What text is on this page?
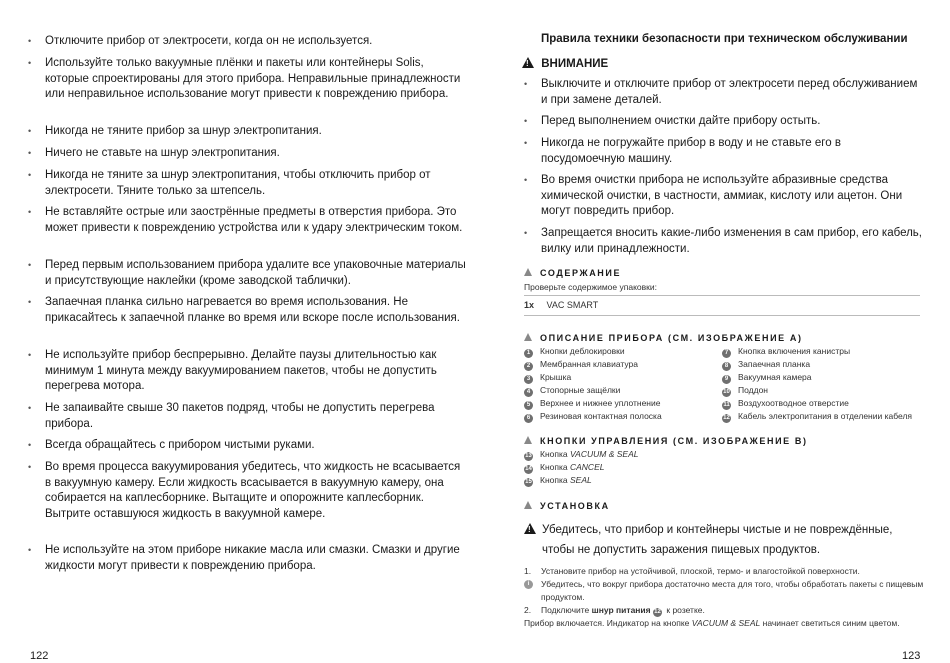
• Отключите прибор от электросети, когда он не используется.
• Используйте только вакуумные плёнки и пакеты или контейнеры Solis, которые спроектированы для этого прибора. Неправильные принадлежности или неправильное использование могут привести к повреждению прибора.
• Никогда не тяните прибор за шнур электропитания.
• Ничего не ставьте на шнур электропитания.
• Никогда не тяните за шнур электропитания, чтобы отключить прибор от электросети. Тяните только за штепсель.
• Не вставляйте острые или заострённые предметы в отверстия прибора. Это может привести к повреждению устройства или к удару электрическим током.
• Перед первым использованием прибора удалите все упаковочные материалы и присутствующие наклейки (кроме заводской таблички).
• Запаечная планка сильно нагревается во время использования. Не прикасайтесь к запаечной планке во время или вскоре после использования.
• Не используйте прибор беспрерывно. Делайте паузы длительностью как минимум 1 минута между вакуумированием пакетов, чтобы не допустить перегрева мотора.
• Не запаивайте свыше 30 пакетов подряд, чтобы не допустить перегрева прибора.
• Всегда обращайтесь с прибором чистыми руками.
• Во время процесса вакуумирования убедитесь, что жидкость не всасывается в вакуумную камеру. Если жидкость всасывается в вакуумную камеру, она собирается на каплесборнике. Вытащите и опорожните каплесборник. Вытрите оставшуюся жидкость в вакуумной камере.
• Не используйте на этом приборе никакие масла или смазки. Смазки и другие жидкости могут привести к повреждению прибора.
122
Правила техники безопасности при техническом обслуживании
! ВНИМАНИЕ
• Выключите и отключите прибор от электросети перед обслуживанием и при замене деталей.
• Перед выполнением очистки дайте прибору остыть.
• Никогда не погружайте прибор в воду и не ставьте его в посудомоечную машину.
• Во время очистки прибора не используйте абразивные средства химической очистки, в частности, аммиак, кислоту или ацетон. Они могут повредить прибор.
• Запрещается вносить какие-либо изменения в сам прибор, его кабель, вилку или принадлежности.
СОДЕРЖАНИЕ
Проверьте содержимое упаковки:
1x VAC SMART
ОПИСАНИЕ ПРИБОРА (СМ. ИЗОБРАЖЕНИЕ A)
1 Кнопки деблокировки
2 Мембранная клавиатура
3 Крышка
4 Стопорные защёлки
5 Верхнее и нижнее уплотнение
6 Резиновая контактная полоска
7 Кнопка включения канистры
8 Запаечная планка
9 Вакуумная камера
10 Поддон
11 Воздухоотводное отверстие
12 Кабель электропитания в отделении кабеля
КНОПКИ УПРАВЛЕНИЯ (СМ. ИЗОБРАЖЕНИЕ B)
13 Кнопка VACUUM & SEAL
14 Кнопка CANCEL
15 Кнопка SEAL
УСТАНОВКА
! Убедитесь, что прибор и контейнеры чистые и не повреждённые, чтобы не допустить заражения пищевых продуктов.
1. Установите прибор на устойчивой, плоской, термо- и влагостойкой поверхности.
i	Убедитесь, что вокруг прибора достаточно места для того, чтобы обработать пакеты с пищевым продуктом.
2. Подключите шнур питания 12 к розетке.
Прибор включается. Индикатор на кнопке VACUUM & SEAL начинает светиться синим цветом.
123
